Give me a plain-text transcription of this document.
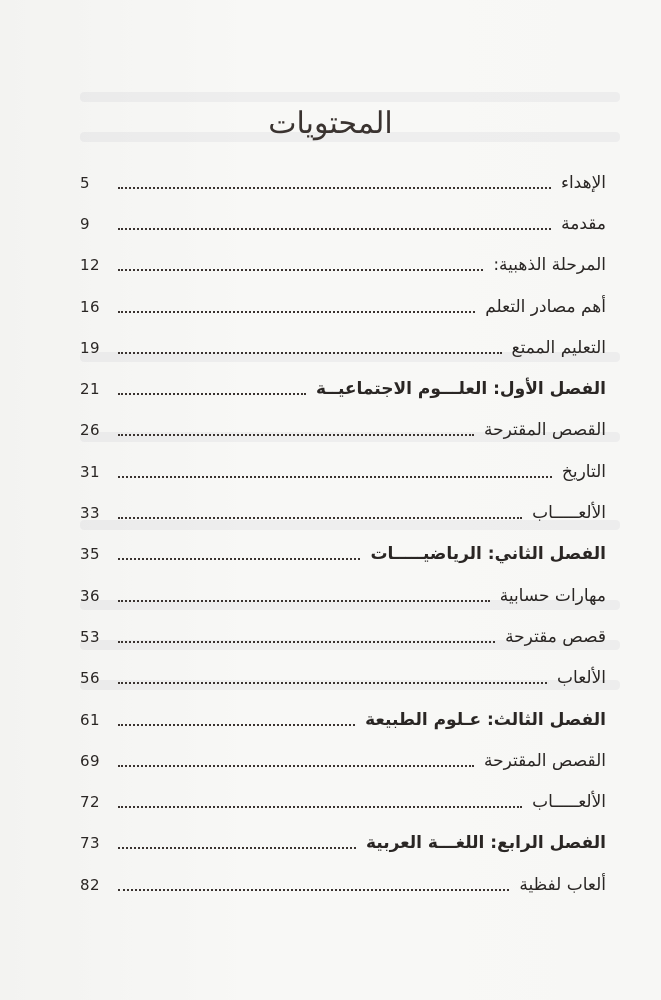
المحتويات
الإهداء
5
مقدمة
9
المرحلة الذهبية:
12
أهم مصادر التعلم
16
التعليم الممتع
19
الفصل الأول: العلـــوم الاجتماعيــة
21
القصص المقترحة
26
التاريخ
31
الألعـــــاب
33
الفصل الثاني: الرياضيـــــات
35
مهارات حسابية
36
قصص مقترحة
53
الألعاب
56
الفصل الثالث: عـلوم الطبيعة
61
القصص المقترحة
69
الألعـــــاب
72
الفصل الرابع: اللغـــة العربية
73
ألعاب لفظية
82
